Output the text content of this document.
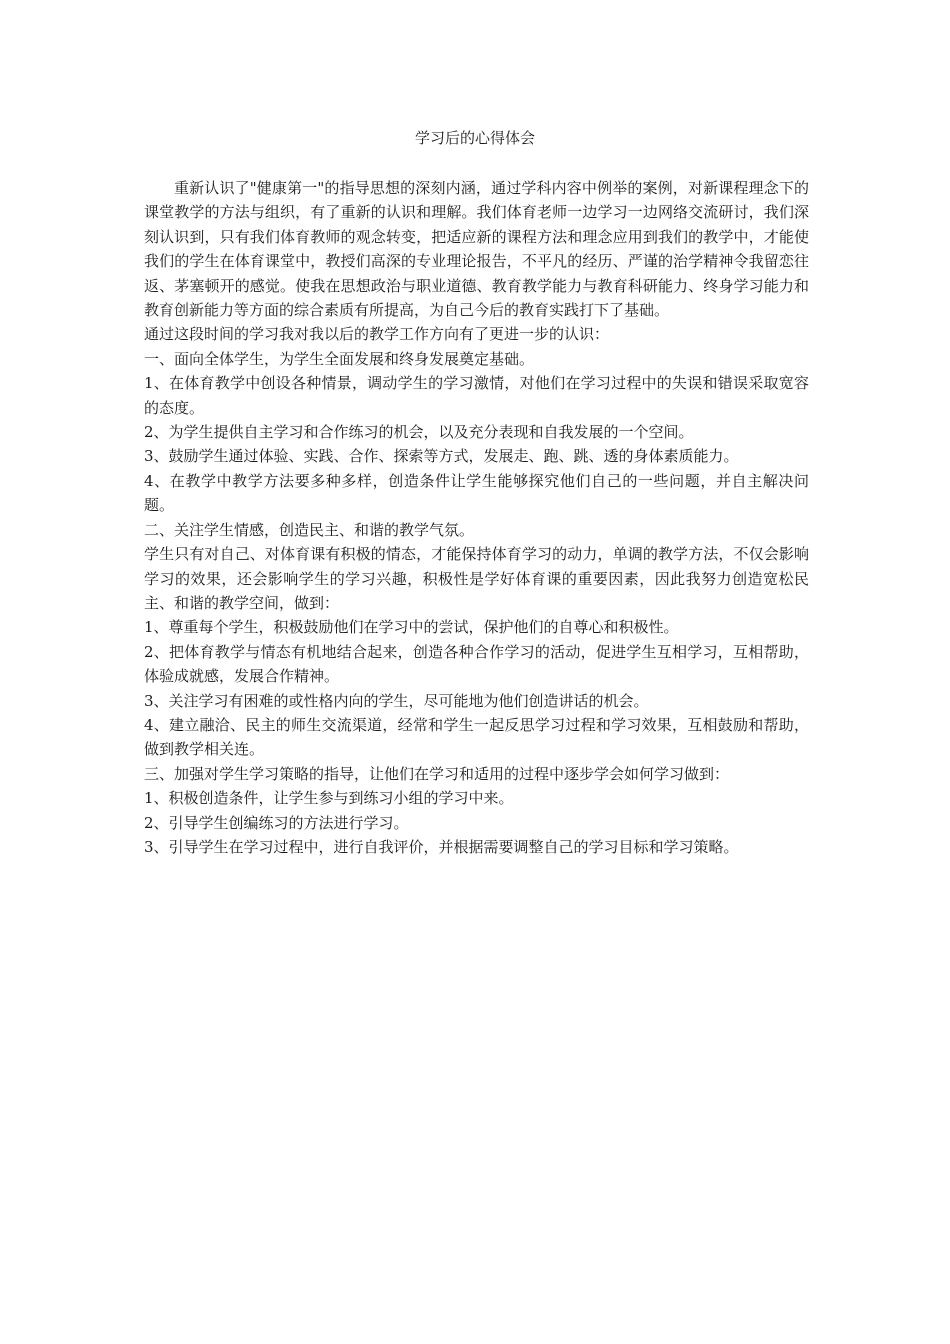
学习后的心得体会

重新认识了"健康第一"的指导思想的深刻内涵，通过学科内容中例举的案例，对新课程理念下的课堂教学的方法与组织，有了重新的认识和理解。我们体育老师一边学习一边网络交流研讨，我们深刻认识到，只有我们体育教师的观念转变，把适应新的课程方法和理念应用到我们的教学中，才能使我们的学生在体育课堂中，教授们高深的专业理论报告，不平凡的经历、严谨的治学精神令我留恋往返、茅塞顿开的感觉。使我在思想政治与职业道德、教育教学能力与教育科研能力、终身学习能力和教育创新能力等方面的综合素质有所提高，为自己今后的教育实践打下了基础。

通过这段时间的学习我对我以后的教学工作方向有了更进一步的认识：

一、面向全体学生，为学生全面发展和终身发展奠定基础。

1、在体育教学中创设各种情景，调动学生的学习激情，对他们在学习过程中的失误和错误采取宽容的态度。

2、为学生提供自主学习和合作练习的机会，以及充分表现和自我发展的一个空间。

3、鼓励学生通过体验、实践、合作、探索等方式，发展走、跑、跳、透的身体素质能力。

4、在教学中教学方法要多种多样，创造条件让学生能够探究他们自己的一些问题，并自主解决问题。

二、关注学生情感，创造民主、和谐的教学气氛。

学生只有对自己、对体育课有积极的情态，才能保持体育学习的动力，单调的教学方法，不仅会影响学习的效果，还会影响学生的学习兴趣，积极性是学好体育课的重要因素，因此我努力创造宽松民主、和谐的教学空间，做到：

1、尊重每个学生，积极鼓励他们在学习中的尝试，保护他们的自尊心和积极性。

2、把体育教学与情态有机地结合起来，创造各种合作学习的活动，促进学生互相学习，互相帮助，体验成就感，发展合作精神。

3、关注学习有困难的或性格内向的学生，尽可能地为他们创造讲话的机会。

4、建立融洽、民主的师生交流渠道，经常和学生一起反思学习过程和学习效果，互相鼓励和帮助，做到教学相关连。

三、加强对学生学习策略的指导，让他们在学习和适用的过程中逐步学会如何学习做到：

1、积极创造条件，让学生参与到练习小组的学习中来。

2、引导学生创编练习的方法进行学习。

3、引导学生在学习过程中，进行自我评价，并根据需要调整自己的学习目标和学习策略。
